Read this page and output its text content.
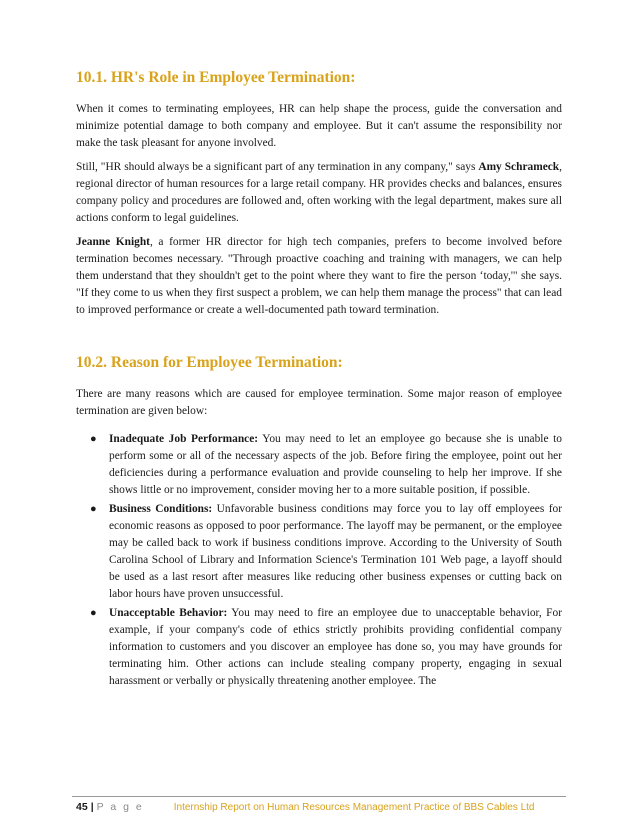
10.1. HR's Role in Employee Termination:

When it comes to terminating employees, HR can help shape the process, guide the conversation and minimize potential damage to both company and employee. But it can't assume the responsibility nor make the task pleasant for anyone involved.

Still, "HR should always be a significant part of any termination in any company," says Amy Schrameck, regional director of human resources for a large retail company. HR provides checks and balances, ensures company policy and procedures are followed and, often working with the legal department, makes sure all actions conform to legal guidelines.

Jeanne Knight, a former HR director for high tech companies, prefers to become involved before termination becomes necessary. "Through proactive coaching and training with managers, we can help them understand that they shouldn't get to the point where they want to fire the person ‘today,'" she says. "If they come to us when they first suspect a problem, we can help them manage the process" that can lead to improved performance or create a well-documented path toward termination.

10.2. Reason for Employee Termination:

There are many reasons which are caused for employee termination. Some major reason of employee termination are given below:

● Inadequate Job Performance: You may need to let an employee go because she is unable to perform some or all of the necessary aspects of the job. Before firing the employee, point out her deficiencies during a performance evaluation and provide counseling to help her improve. If she shows little or no improvement, consider moving her to a more suitable position, if possible.
● Business Conditions: Unfavorable business conditions may force you to lay off employees for economic reasons as opposed to poor performance. The layoff may be permanent, or the employee may be called back to work if business conditions improve. According to the University of South Carolina School of Library and Information Science's Termination 101 Web page, a layoff should be used as a last resort after measures like reducing other business expenses or cutting back on labor hours have proven unsuccessful.
● Unacceptable Behavior: You may need to fire an employee due to unacceptable behavior, For example, if your company's code of ethics strictly prohibits providing confidential company information to customers and you discover an employee has done so, you may have grounds for terminating him. Other actions can include stealing company property, engaging in sexual harassment or verbally or physically threatening another employee. The
45 | P a g e	Internship Report on Human Resources Management Practice of BBS Cables Ltd
